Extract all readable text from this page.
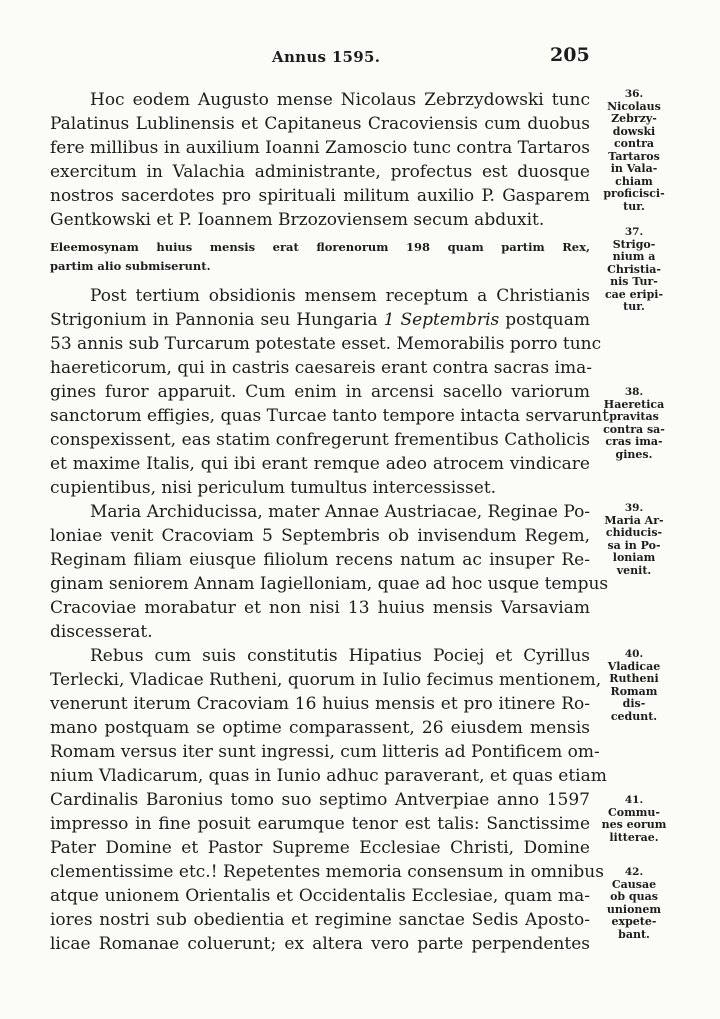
Annus 1595.	205

Hoc eodem Augusto mense Nicolaus Zebrzydowski tunc
Palatinus Lublinensis et Capitaneus Cracoviensis cum duobus
fere millibus in auxilium Ioanni Zamoscio tunc contra Tartaros
exercitum in Valachia administrante, profectus est duosque
nostros sacerdotes pro spirituali militum auxilio P. Gasparem
Gentkowski et P. Ioannem Brzozoviensem secum abduxit.

Eleemosynam huius mensis erat florenorum 198 quam partim Rex,
partim alio submiserunt.

Post tertium obsidionis mensem receptum a Christianis
Strigonium in Pannonia seu Hungaria 1 Septembris postquam
53 annis sub Turcarum potestate esset. Memorabilis porro tunc
haereticorum, qui in castris caesareis erant contra sacras ima-
gines furor apparuit. Cum enim in arcensi sacello variorum
sanctorum effigies, quas Turcae tanto tempore intacta servarunt
conspexissent, eas statim confregerunt frementibus Catholicis
et maxime Italis, qui ibi erant remque adeo atrocem vindicare
cupientibus, nisi periculum tumultus intercessisset.

Maria Archiducissa, mater Annae Austriacae, Reginae Po-
loniae venit Cracoviam 5 Septembris ob invisendum Regem,
Reginam filiam eiusque filiolum recens natum ac insuper Re-
ginam seniorem Annam Iagielloniam, quae ad hoc usque tempus
Cracoviae morabatur et non nisi 13 huius mensis Varsaviam
discesserat.

Rebus cum suis constitutis Hipatius Pociej et Cyrillus
Terlecki, Vladicae Rutheni, quorum in Iulio fecimus mentionem,
venerunt iterum Cracoviam 16 huius mensis et pro itinere Ro-
mano postquam se optime comparassent, 26 eiusdem mensis
Romam versus iter sunt ingressi, cum litteris ad Pontificem om-
nium Vladicarum, quas in Iunio adhuc paraverant, et quas etiam
Cardinalis Baronius tomo suo septimo Antverpiae anno 1597
impresso in fine posuit earumque tenor est talis: Sanctissime
Pater Domine et Pastor Supreme Ecclesiae Christi, Domine
clementissime etc.! Repetentes memoria consensum in omnibus
atque unionem Orientalis et Occidentalis Ecclesiae, quam ma-
iores nostri sub obedientia et regimine sanctae Sedis Aposto-
licae Romanae coluerunt; ex altera vero parte perpendentes

36.
Nicolaus
Zebrzy-
dowski
contra
Tartaros
in Vala-
chiam
proficisci-
tur.
37.
Strigo-
nium a
Christia-
nis Tur-
cae eripi-
tur.
38.
Haeretica
pravitas
contra sa-
cras ima-
gines.
39.
Maria Ar-
chiducis-
sa in Po-
loniam
venit.
40.
Vladicae
Rutheni
Romam
dis-
cedunt.
41.
Commu-
nes eorum
litterae.
42.
Causae
ob quas
unionem
expete-
bant.
